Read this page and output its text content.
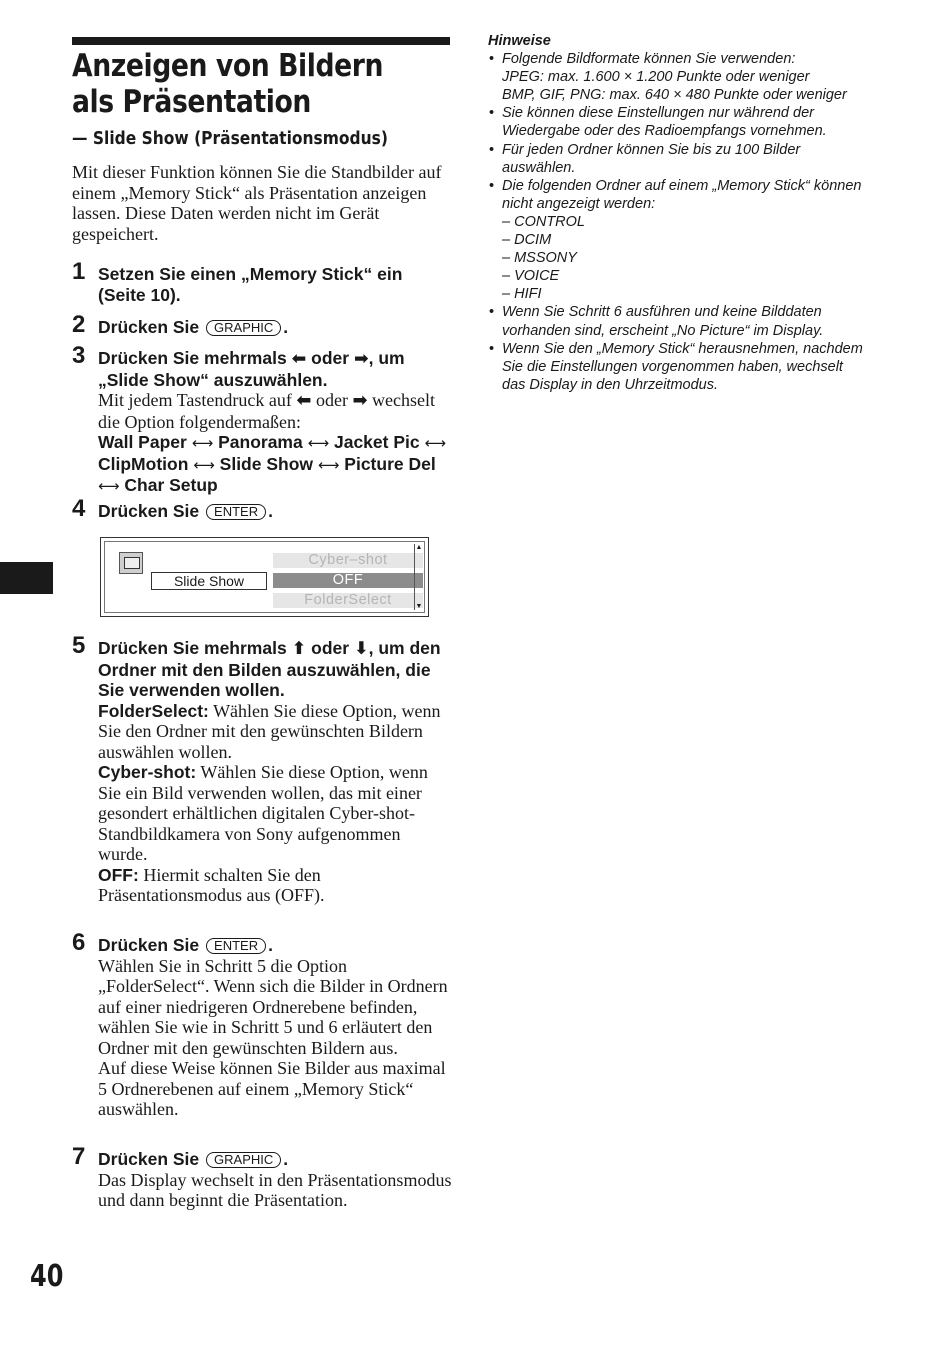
Anzeigen von Bildern als Präsentation
— Slide Show (Präsentationsmodus)

Mit dieser Funktion können Sie die Standbilder auf einem „Memory Stick“ als Präsentation anzeigen lassen. Diese Daten werden nicht im Gerät gespeichert.

1 Setzen Sie einen „Memory Stick“ ein (Seite 10).
2 Drücken Sie GRAPHIC .
3 Drücken Sie mehrmals ⬅ oder ➡, um „Slide Show“ auszuwählen.
Mit jedem Tastendruck auf ⬅ oder ➡ wechselt die Option folgendermaßen:
Wall Paper ⟷ Panorama ⟷ Jacket Pic ⟷ ClipMotion ⟷ Slide Show ⟷ Picture Del ⟷ Char Setup
4 Drücken Sie ENTER .
Slide Show
Cyber–shot
OFF
FolderSelect
▲
▼
5 Drücken Sie mehrmals ⬆ oder ⬇, um den Ordner mit den Bilden auszuwählen, die Sie verwenden wollen.
FolderSelect: Wählen Sie diese Option, wenn Sie den Ordner mit den gewünschten Bildern auswählen wollen.
Cyber-shot: Wählen Sie diese Option, wenn Sie ein Bild verwenden wollen, das mit einer gesondert erhältlichen digitalen Cyber-shot-Standbildkamera von Sony aufgenommen wurde.
OFF: Hiermit schalten Sie den Präsentationsmodus aus (OFF).
6 Drücken Sie ENTER .
Wählen Sie in Schritt 5 die Option „FolderSelect“. Wenn sich die Bilder in Ordnern auf einer niedrigeren Ordnerebene befinden, wählen Sie wie in Schritt 5 und 6 erläutert den Ordner mit den gewünschten Bildern aus.
Auf diese Weise können Sie Bilder aus maximal 5 Ordnerebenen auf einem „Memory Stick“ auswählen.
7 Drücken Sie GRAPHIC .
Das Display wechselt in den Präsentationsmodus und dann beginnt die Präsentation.
40

Hinweise

• Folgende Bildformate können Sie verwenden:
JPEG: max. 1.600 × 1.200 Punkte oder weniger
BMP, GIF, PNG: max. 640 × 480 Punkte oder weniger
• Sie können diese Einstellungen nur während der Wiedergabe oder des Radioempfangs vornehmen.
• Für jeden Ordner können Sie bis zu 100 Bilder auswählen.
• Die folgenden Ordner auf einem „Memory Stick“ können nicht angezeigt werden:
– CONTROL
– DCIM
– MSSONY
– VOICE
– HIFI
• Wenn Sie Schritt 6 ausführen und keine Bilddaten vorhanden sind, erscheint „No Picture“ im Display.
• Wenn Sie den „Memory Stick“ herausnehmen, nachdem Sie die Einstellungen vorgenommen haben, wechselt das Display in den Uhrzeitmodus.
